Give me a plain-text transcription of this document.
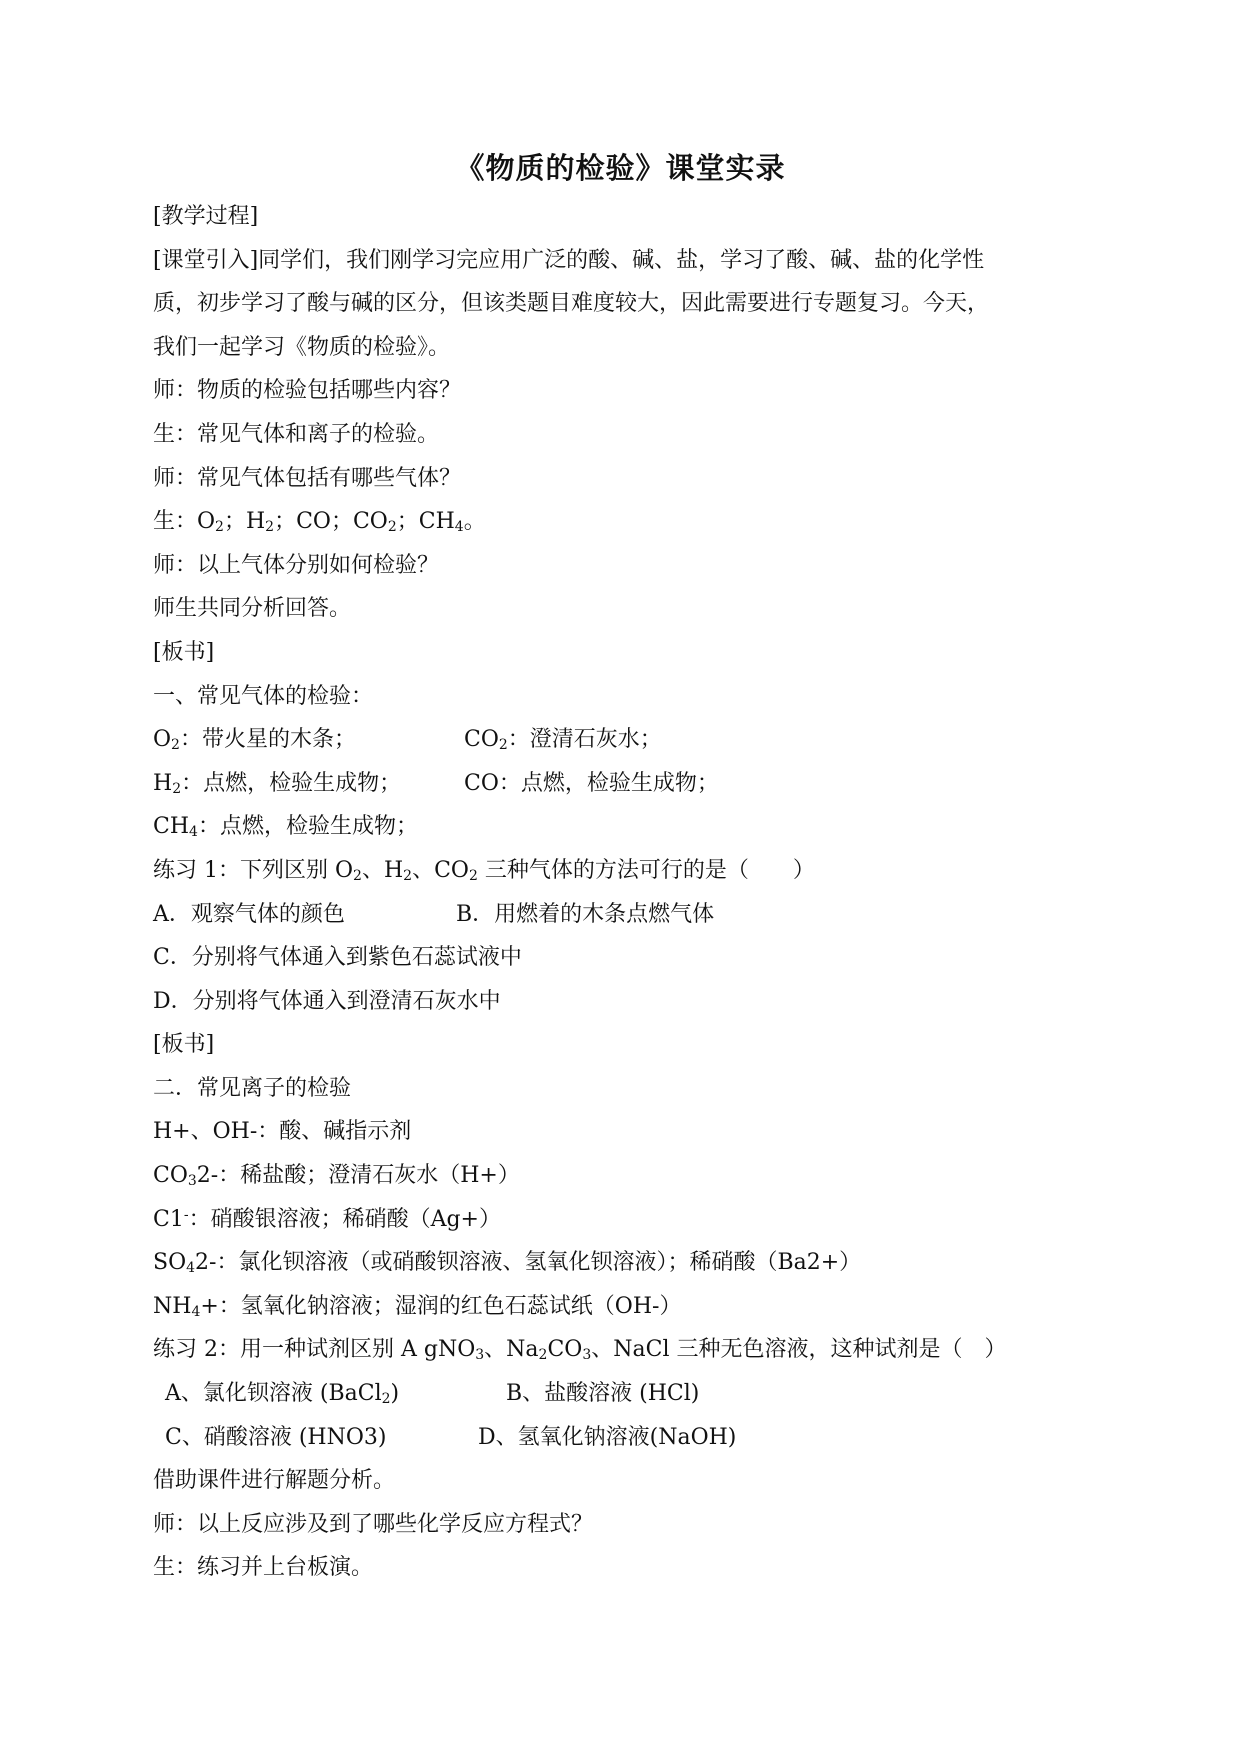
《物质的检验》课堂实录
[教学过程]
[课堂引入]同学们，我们刚学习完应用广泛的酸、碱、盐，学习了酸、碱、盐的化学性
质，初步学习了酸与碱的区分，但该类题目难度较大，因此需要进行专题复习。今天，
我们一起学习《物质的检验》。
师：物质的检验包括哪些内容？
生：常见气体和离子的检验。
师：常见气体包括有哪些气体？
生：$O_2$；$H_2$；CO；$CO_2$；$CH_4$。
师：以上气体分别如何检验？
师生共同分析回答。
[板书]
一、常见气体的检验：
$O_2$：带火星的木条；	$CO_2$：澄清石灰水；
$H_2$：点燃，检验生成物；	CO：点燃，检验生成物；
$CH_4$：点燃，检验生成物；
练习 1：下列区别 $O_2$、$H_2$、$CO_2$ 三种气体的方法可行的是（　　）
A．观察气体的颜色	B．用燃着的木条点燃气体
C．分别将气体通入到紫色石蕊试液中
D．分别将气体通入到澄清石灰水中
[板书]
二．常见离子的检验
H+、OH-：酸、碱指示剂
$CO_32-$：稀盐酸；澄清石灰水（H+）
C1-：硝酸银溶液；稀硝酸（Ag+）
$SO_42-$：氯化钡溶液（或硝酸钡溶液、氢氧化钡溶液）；稀硝酸（Ba2+）
$NH_4+$：氢氧化钠溶液；湿润的红色石蕊试纸（OH-）
练习 2：用一种试剂区别 A gNO$_3$、$Na_2CO_3$、NaCl 三种无色溶液，这种试剂是（　）
A、氯化钡溶液 (BaCl$_2$)	B、盐酸溶液 (HCl)
C、硝酸溶液 (HNO3)	D、氢氧化钠溶液(NaOH)
借助课件进行解题分析。
师：以上反应涉及到了哪些化学反应方程式？
生：练习并上台板演。
